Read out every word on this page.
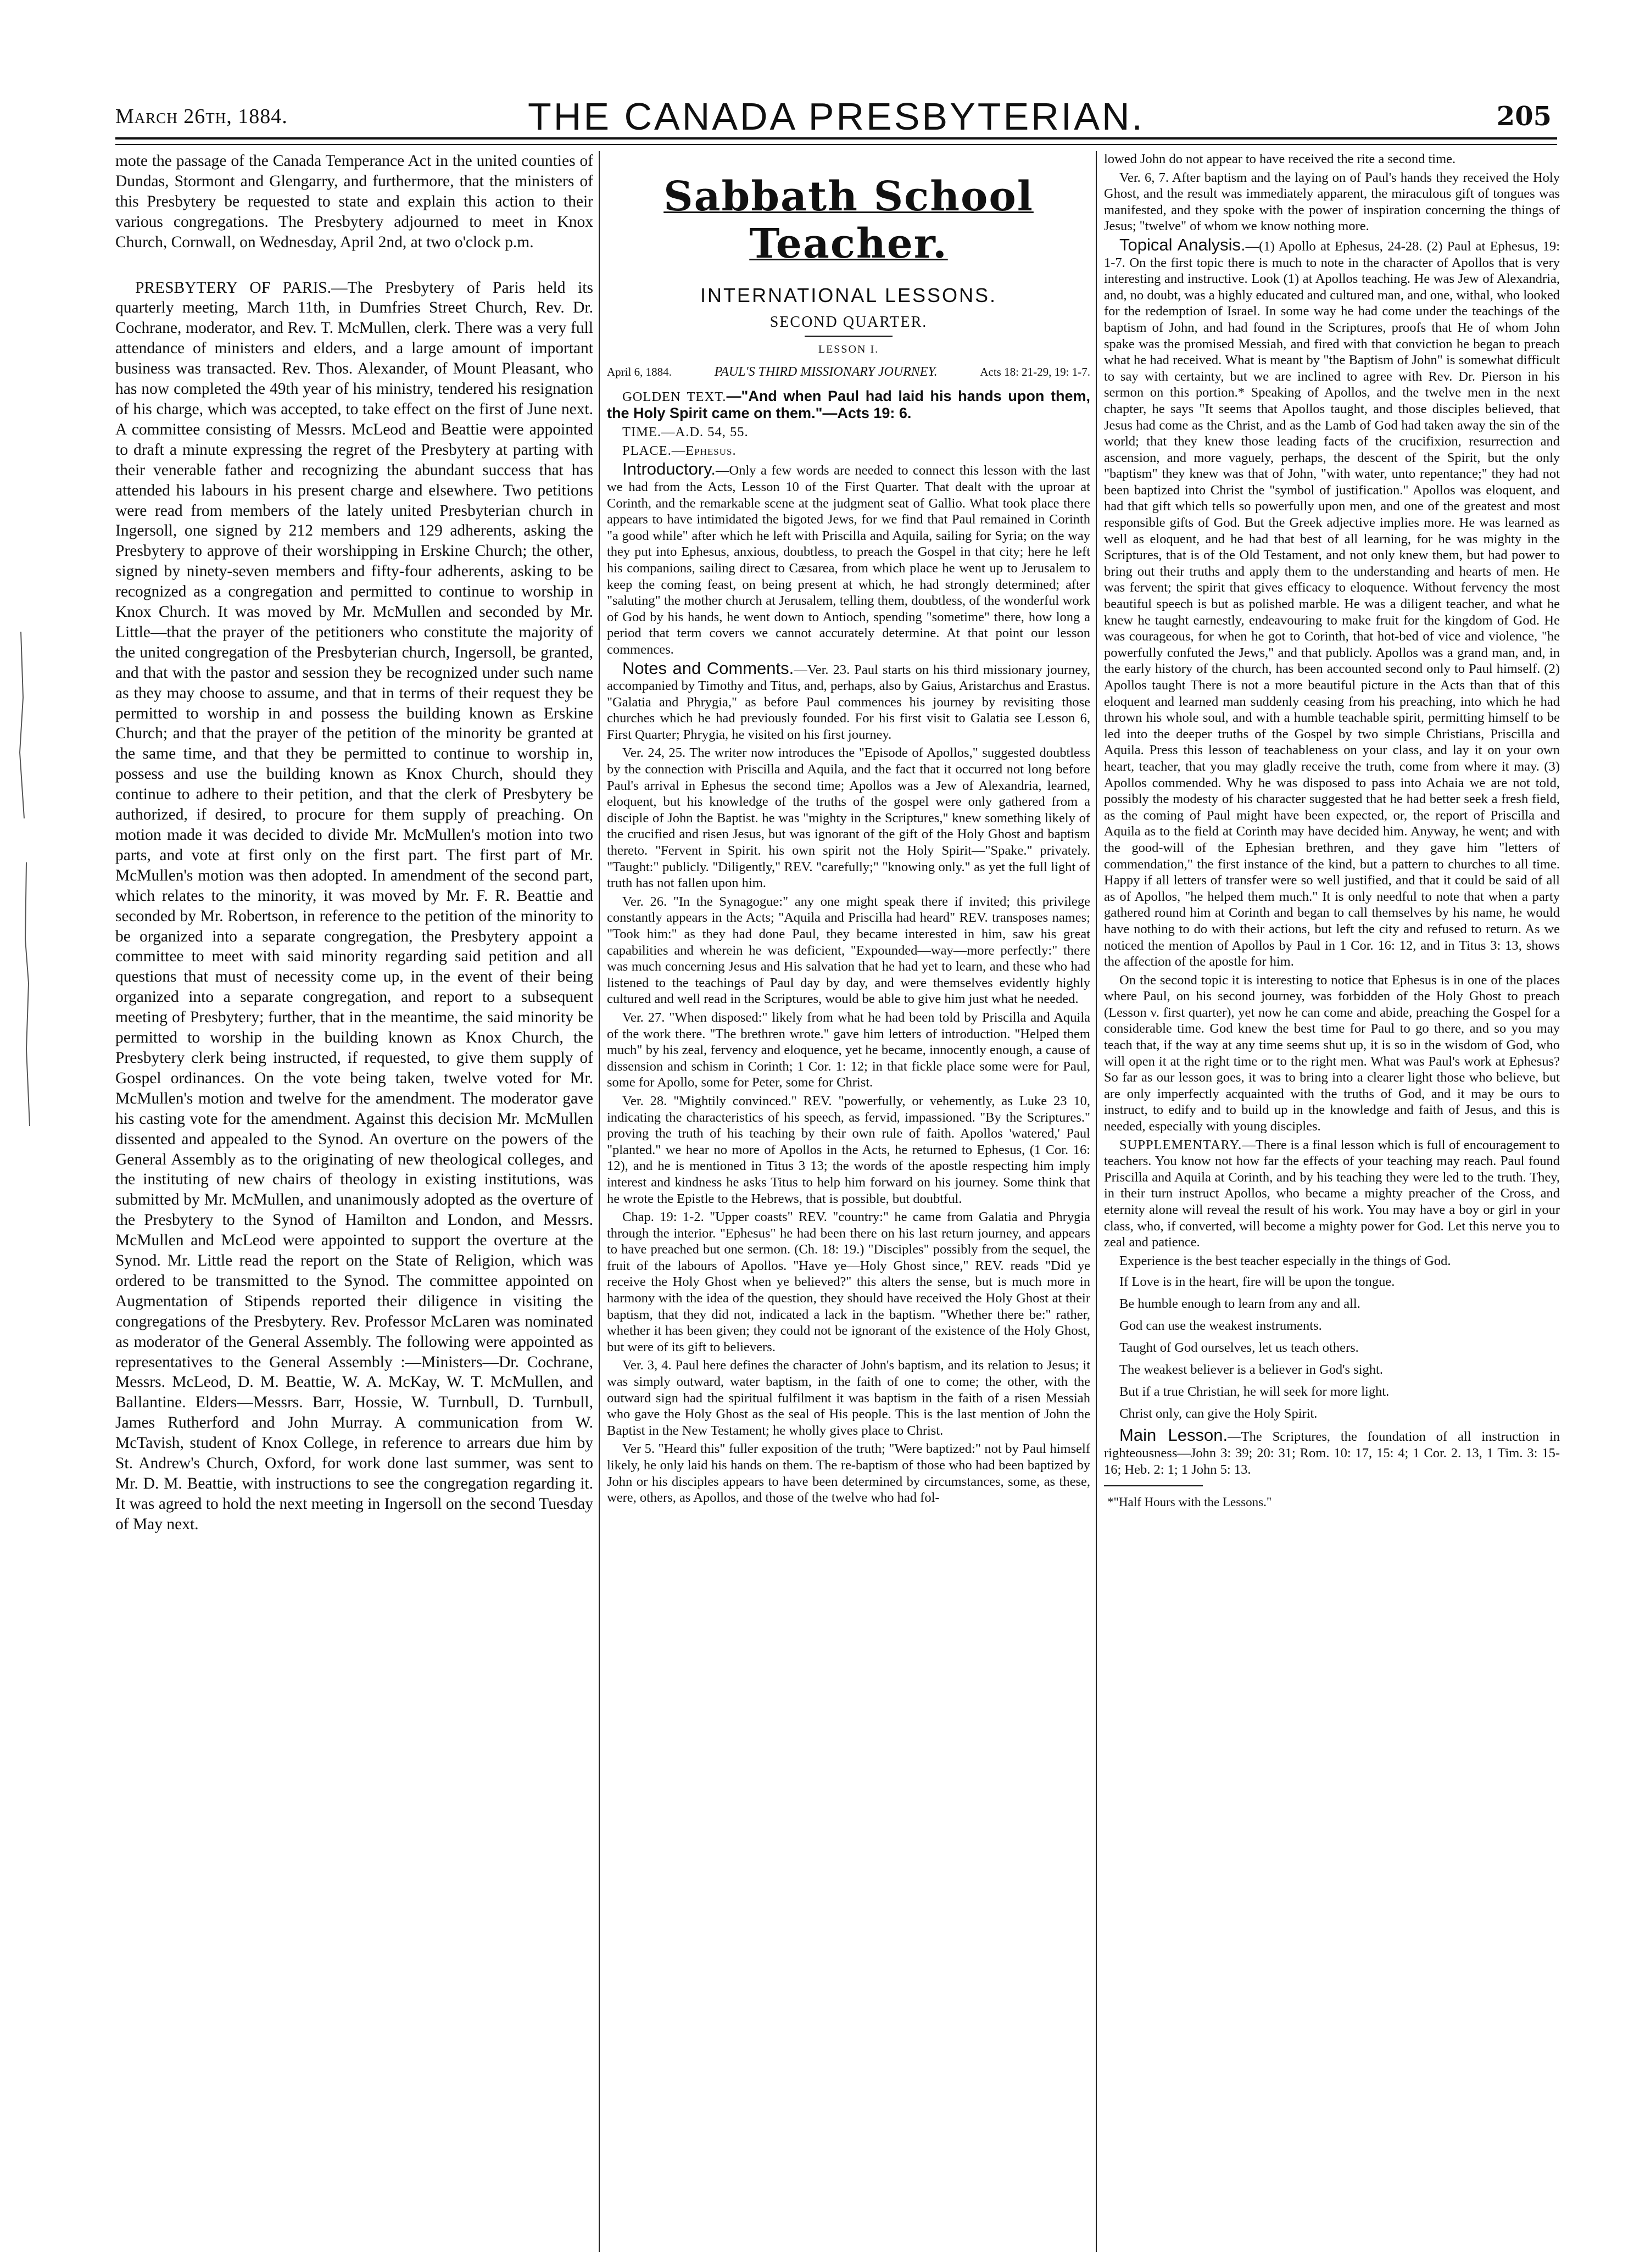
March 26th, 1884.	THE CANADA PRESBYTERIAN.	205

mote the passage of the Canada Temperance Act in the united counties of Dundas, Stormont and Glengarry, and furthermore, that the ministers of this Presbytery be requested to state and explain this action to their various congregations. The Presbytery adjourned to meet in Knox Church, Cornwall, on Wednesday, April 2nd, at two o'clock p.m.

PRESBYTERY OF PARIS.—The Presbytery of Paris held its quarterly meeting, March 11th, in Dumfries Street Church, Rev. Dr. Cochrane, moderator, and Rev. T. McMullen, clerk. There was a very full attendance of ministers and elders, and a large amount of important business was transacted. Rev. Thos. Alexander, of Mount Pleasant, who has now completed the 49th year of his ministry, tendered his resignation of his charge, which was accepted, to take effect on the first of June next. A committee consisting of Messrs. McLeod and Beattie were appointed to draft a minute expressing the regret of the Presbytery at parting with their venerable father and recognizing the abundant success that has attended his labours in his present charge and elsewhere. Two petitions were read from members of the lately united Presbyterian church in Ingersoll, one signed by 212 members and 129 adherents, asking the Presbytery to approve of their worshipping in Erskine Church; the other, signed by ninety-seven members and fifty-four adherents, asking to be recognized as a congregation and permitted to continue to worship in Knox Church. It was moved by Mr. McMullen and seconded by Mr. Little—that the prayer of the petitioners who constitute the majority of the united congregation of the Presbyterian church, Ingersoll, be granted, and that with the pastor and session they be recognized under such name as they may choose to assume, and that in terms of their request they be permitted to worship in and possess the building known as Erskine Church; and that the prayer of the petition of the minority be granted at the same time, and that they be permitted to continue to worship in, possess and use the building known as Knox Church, should they continue to adhere to their petition, and that the clerk of Presbytery be authorized, if desired, to procure for them supply of preaching. On motion made it was decided to divide Mr. McMullen's motion into two parts, and vote at first only on the first part. The first part of Mr. McMullen's motion was then adopted. In amendment of the second part, which relates to the minority, it was moved by Mr. F. R. Beattie and seconded by Mr. Robertson, in reference to the petition of the minority to be organized into a separate congregation, the Presbytery appoint a committee to meet with said minority regarding said petition and all questions that must of necessity come up, in the event of their being organized into a separate congregation, and report to a subsequent meeting of Presbytery; further, that in the meantime, the said minority be permitted to worship in the building known as Knox Church, the Presbytery clerk being instructed, if requested, to give them supply of Gospel ordinances. On the vote being taken, twelve voted for Mr. McMullen's motion and twelve for the amendment. The moderator gave his casting vote for the amendment. Against this decision Mr. McMullen dissented and appealed to the Synod. An overture on the powers of the General Assembly as to the originating of new theological colleges, and the instituting of new chairs of theology in existing institutions, was submitted by Mr. McMullen, and unanimously adopted as the overture of the Presbytery to the Synod of Hamilton and London, and Messrs. McMullen and McLeod were appointed to support the overture at the Synod. Mr. Little read the report on the State of Religion, which was ordered to be transmitted to the Synod. The committee appointed on Augmentation of Stipends reported their diligence in visiting the congregations of the Presbytery. Rev. Professor McLaren was nominated as moderator of the General Assembly. The following were appointed as representatives to the General Assembly :—Ministers—Dr. Cochrane, Messrs. McLeod, D. M. Beattie, W. A. McKay, W. T. McMullen, and Ballantine. Elders—Messrs. Barr, Hossie, W. Turnbull, D. Turnbull, James Rutherford and John Murray. A communication from W. McTavish, student of Knox College, in reference to arrears due him by St. Andrew's Church, Oxford, for work done last summer, was sent to Mr. D. M. Beattie, with instructions to see the congregation regarding it. It was agreed to hold the next meeting in Ingersoll on the second Tuesday of May next.

Sabbath School Teacher.
INTERNATIONAL LESSONS.
SECOND QUARTER.
LESSON I.
April 6, 1884.	PAUL'S THIRD MISSIONARY JOURNEY.	Acts 18: 21-29, 19: 1-7.

GOLDEN TEXT.—"And when Paul had laid his hands upon them, the Holy Spirit came on them."—Acts 19: 6.

TIME.—A.D. 54, 55.

PLACE.—Ephesus.

Introductory.—Only a few words are needed to connect this lesson with the last we had from the Acts, Lesson 10 of the First Quarter. That dealt with the uproar at Corinth, and the remarkable scene at the judgment seat of Gallio. What took place there appears to have intimidated the bigoted Jews, for we find that Paul remained in Corinth "a good while" after which he left with Priscilla and Aquila, sailing for Syria; on the way they put into Ephesus, anxious, doubtless, to preach the Gospel in that city; here he left his companions, sailing direct to Cæsarea, from which place he went up to Jerusalem to keep the coming feast, on being present at which, he had strongly determined; after "saluting" the mother church at Jerusalem, telling them, doubtless, of the wonderful work of God by his hands, he went down to Antioch, spending "sometime" there, how long a period that term covers we cannot accurately determine. At that point our lesson commences.

Notes and Comments.—Ver. 23. Paul starts on his third missionary journey, accompanied by Timothy and Titus, and, perhaps, also by Gaius, Aristarchus and Erastus. "Galatia and Phrygia," as before Paul commences his journey by revisiting those churches which he had previously founded. For his first visit to Galatia see Lesson 6, First Quarter; Phrygia, he visited on his first journey.

Ver. 24, 25. The writer now introduces the "Episode of Apollos," suggested doubtless by the connection with Priscilla and Aquila, and the fact that it occurred not long before Paul's arrival in Ephesus the second time; Apollos was a Jew of Alexandria, learned, eloquent, but his knowledge of the truths of the gospel were only gathered from a disciple of John the Baptist. he was "mighty in the Scriptures," knew something likely of the crucified and risen Jesus, but was ignorant of the gift of the Holy Ghost and baptism thereto. "Fervent in Spirit. his own spirit not the Holy Spirit—"Spake." privately. "Taught:" publicly. "Diligently," REV. "carefully;" "knowing only." as yet the full light of truth has not fallen upon him.

Ver. 26. "In the Synagogue:" any one might speak there if invited; this privilege constantly appears in the Acts; "Aquila and Priscilla had heard" REV. transposes names; "Took him:" as they had done Paul, they became interested in him, saw his great capabilities and wherein he was deficient, "Expounded—way—more perfectly:" there was much concerning Jesus and His salvation that he had yet to learn, and these who had listened to the teachings of Paul day by day, and were themselves evidently highly cultured and well read in the Scriptures, would be able to give him just what he needed.

Ver. 27. "When disposed:" likely from what he had been told by Priscilla and Aquila of the work there. "The brethren wrote." gave him letters of introduction. "Helped them much" by his zeal, fervency and eloquence, yet he became, innocently enough, a cause of dissension and schism in Corinth; 1 Cor. 1: 12; in that fickle place some were for Paul, some for Apollo, some for Peter, some for Christ.

Ver. 28. "Mightily convinced." REV. "powerfully, or vehemently, as Luke 23 10, indicating the characteristics of his speech, as fervid, impassioned. "By the Scriptures." proving the truth of his teaching by their own rule of faith. Apollos 'watered,' Paul "planted." we hear no more of Apollos in the Acts, he returned to Ephesus, (1 Cor. 16: 12), and he is mentioned in Titus 3 13; the words of the apostle respecting him imply interest and kindness he asks Titus to help him forward on his journey. Some think that he wrote the Epistle to the Hebrews, that is possible, but doubtful.

Chap. 19: 1-2. "Upper coasts" REV. "country:" he came from Galatia and Phrygia through the interior. "Ephesus" he had been there on his last return journey, and appears to have preached but one sermon. (Ch. 18: 19.) "Disciples" possibly from the sequel, the fruit of the labours of Apollos. "Have ye—Holy Ghost since," REV. reads "Did ye receive the Holy Ghost when ye believed?" this alters the sense, but is much more in harmony with the idea of the question, they should have received the Holy Ghost at their baptism, that they did not, indicated a lack in the baptism. "Whether there be:" rather, whether it has been given; they could not be ignorant of the existence of the Holy Ghost, but were of its gift to believers.

Ver. 3, 4. Paul here defines the character of John's baptism, and its relation to Jesus; it was simply outward, water baptism, in the faith of one to come; the other, with the outward sign had the spiritual fulfilment it was baptism in the faith of a risen Messiah who gave the Holy Ghost as the seal of His people. This is the last mention of John the Baptist in the New Testament; he wholly gives place to Christ.

Ver 5. "Heard this" fuller exposition of the truth; "Were baptized:" not by Paul himself likely, he only laid his hands on them. The re-baptism of those who had been baptized by John or his disciples appears to have been determined by circumstances, some, as these, were, others, as Apollos, and those of the twelve who had fol-

lowed John do not appear to have received the rite a second time.

Ver. 6, 7. After baptism and the laying on of Paul's hands they received the Holy Ghost, and the result was immediately apparent, the miraculous gift of tongues was manifested, and they spoke with the power of inspiration concerning the things of Jesus; "twelve" of whom we know nothing more.

Topical Analysis.—(1) Apollo at Ephesus, 24-28. (2) Paul at Ephesus, 19: 1-7. On the first topic there is much to note in the character of Apollos that is very interesting and instructive. Look (1) at Apollos teaching. He was Jew of Alexandria, and, no doubt, was a highly educated and cultured man, and one, withal, who looked for the redemption of Israel. In some way he had come under the teachings of the baptism of John, and had found in the Scriptures, proofs that He of whom John spake was the promised Messiah, and fired with that conviction he began to preach what he had received. What is meant by "the Baptism of John" is somewhat difficult to say with certainty, but we are inclined to agree with Rev. Dr. Pierson in his sermon on this portion.* Speaking of Apollos, and the twelve men in the next chapter, he says "It seems that Apollos taught, and those disciples believed, that Jesus had come as the Christ, and as the Lamb of God had taken away the sin of the world; that they knew those leading facts of the crucifixion, resurrection and ascension, and more vaguely, perhaps, the descent of the Spirit, but the only "baptism" they knew was that of John, "with water, unto repentance;" they had not been baptized into Christ the "symbol of justification." Apollos was eloquent, and had that gift which tells so powerfully upon men, and one of the greatest and most responsible gifts of God. But the Greek adjective implies more. He was learned as well as eloquent, and he had that best of all learning, for he was mighty in the Scriptures, that is of the Old Testament, and not only knew them, but had power to bring out their truths and apply them to the understanding and hearts of men. He was fervent; the spirit that gives efficacy to eloquence. Without fervency the most beautiful speech is but as polished marble. He was a diligent teacher, and what he knew he taught earnestly, endeavouring to make fruit for the kingdom of God. He was courageous, for when he got to Corinth, that hot-bed of vice and violence, "he powerfully confuted the Jews," and that publicly. Apollos was a grand man, and, in the early history of the church, has been accounted second only to Paul himself. (2) Apollos taught There is not a more beautiful picture in the Acts than that of this eloquent and learned man suddenly ceasing from his preaching, into which he had thrown his whole soul, and with a humble teachable spirit, permitting himself to be led into the deeper truths of the Gospel by two simple Christians, Priscilla and Aquila. Press this lesson of teachableness on your class, and lay it on your own heart, teacher, that you may gladly receive the truth, come from where it may. (3) Apollos commended. Why he was disposed to pass into Achaia we are not told, possibly the modesty of his character suggested that he had better seek a fresh field, as the coming of Paul might have been expected, or, the report of Priscilla and Aquila as to the field at Corinth may have decided him. Anyway, he went; and with the good-will of the Ephesian brethren, and they gave him "letters of commendation," the first instance of the kind, but a pattern to churches to all time. Happy if all letters of transfer were so well justified, and that it could be said of all as of Apollos, "he helped them much." It is only needful to note that when a party gathered round him at Corinth and began to call themselves by his name, he would have nothing to do with their actions, but left the city and refused to return. As we noticed the mention of Apollos by Paul in 1 Cor. 16: 12, and in Titus 3: 13, shows the affection of the apostle for him.

On the second topic it is interesting to notice that Ephesus is in one of the places where Paul, on his second journey, was forbidden of the Holy Ghost to preach (Lesson v. first quarter), yet now he can come and abide, preaching the Gospel for a considerable time. God knew the best time for Paul to go there, and so you may teach that, if the way at any time seems shut up, it is so in the wisdom of God, who will open it at the right time or to the right men. What was Paul's work at Ephesus? So far as our lesson goes, it was to bring into a clearer light those who believe, but are only imperfectly acquainted with the truths of God, and it may be ours to instruct, to edify and to build up in the knowledge and faith of Jesus, and this is needed, especially with young disciples.

SUPPLEMENTARY.—There is a final lesson which is full of encouragement to teachers. You know not how far the effects of your teaching may reach. Paul found Priscilla and Aquila at Corinth, and by his teaching they were led to the truth. They, in their turn instruct Apollos, who became a mighty preacher of the Cross, and eternity alone will reveal the result of his work. You may have a boy or girl in your class, who, if converted, will become a mighty power for God. Let this nerve you to zeal and patience.

Experience is the best teacher especially in the things of God.

If Love is in the heart, fire will be upon the tongue.
Be humble enough to learn from any and all.
God can use the weakest instruments.
Taught of God ourselves, let us teach others.
The weakest believer is a believer in God's sight.
But if a true Christian, he will seek for more light.
Christ only, can give the Holy Spirit.

Main Lesson.—The Scriptures, the foundation of all instruction in righteousness—John 3: 39; 20: 31; Rom. 10: 17, 15: 4; 1 Cor. 2. 13, 1 Tim. 3: 15-16; Heb. 2: 1; 1 John 5: 13.

*"Half Hours with the Lessons."
